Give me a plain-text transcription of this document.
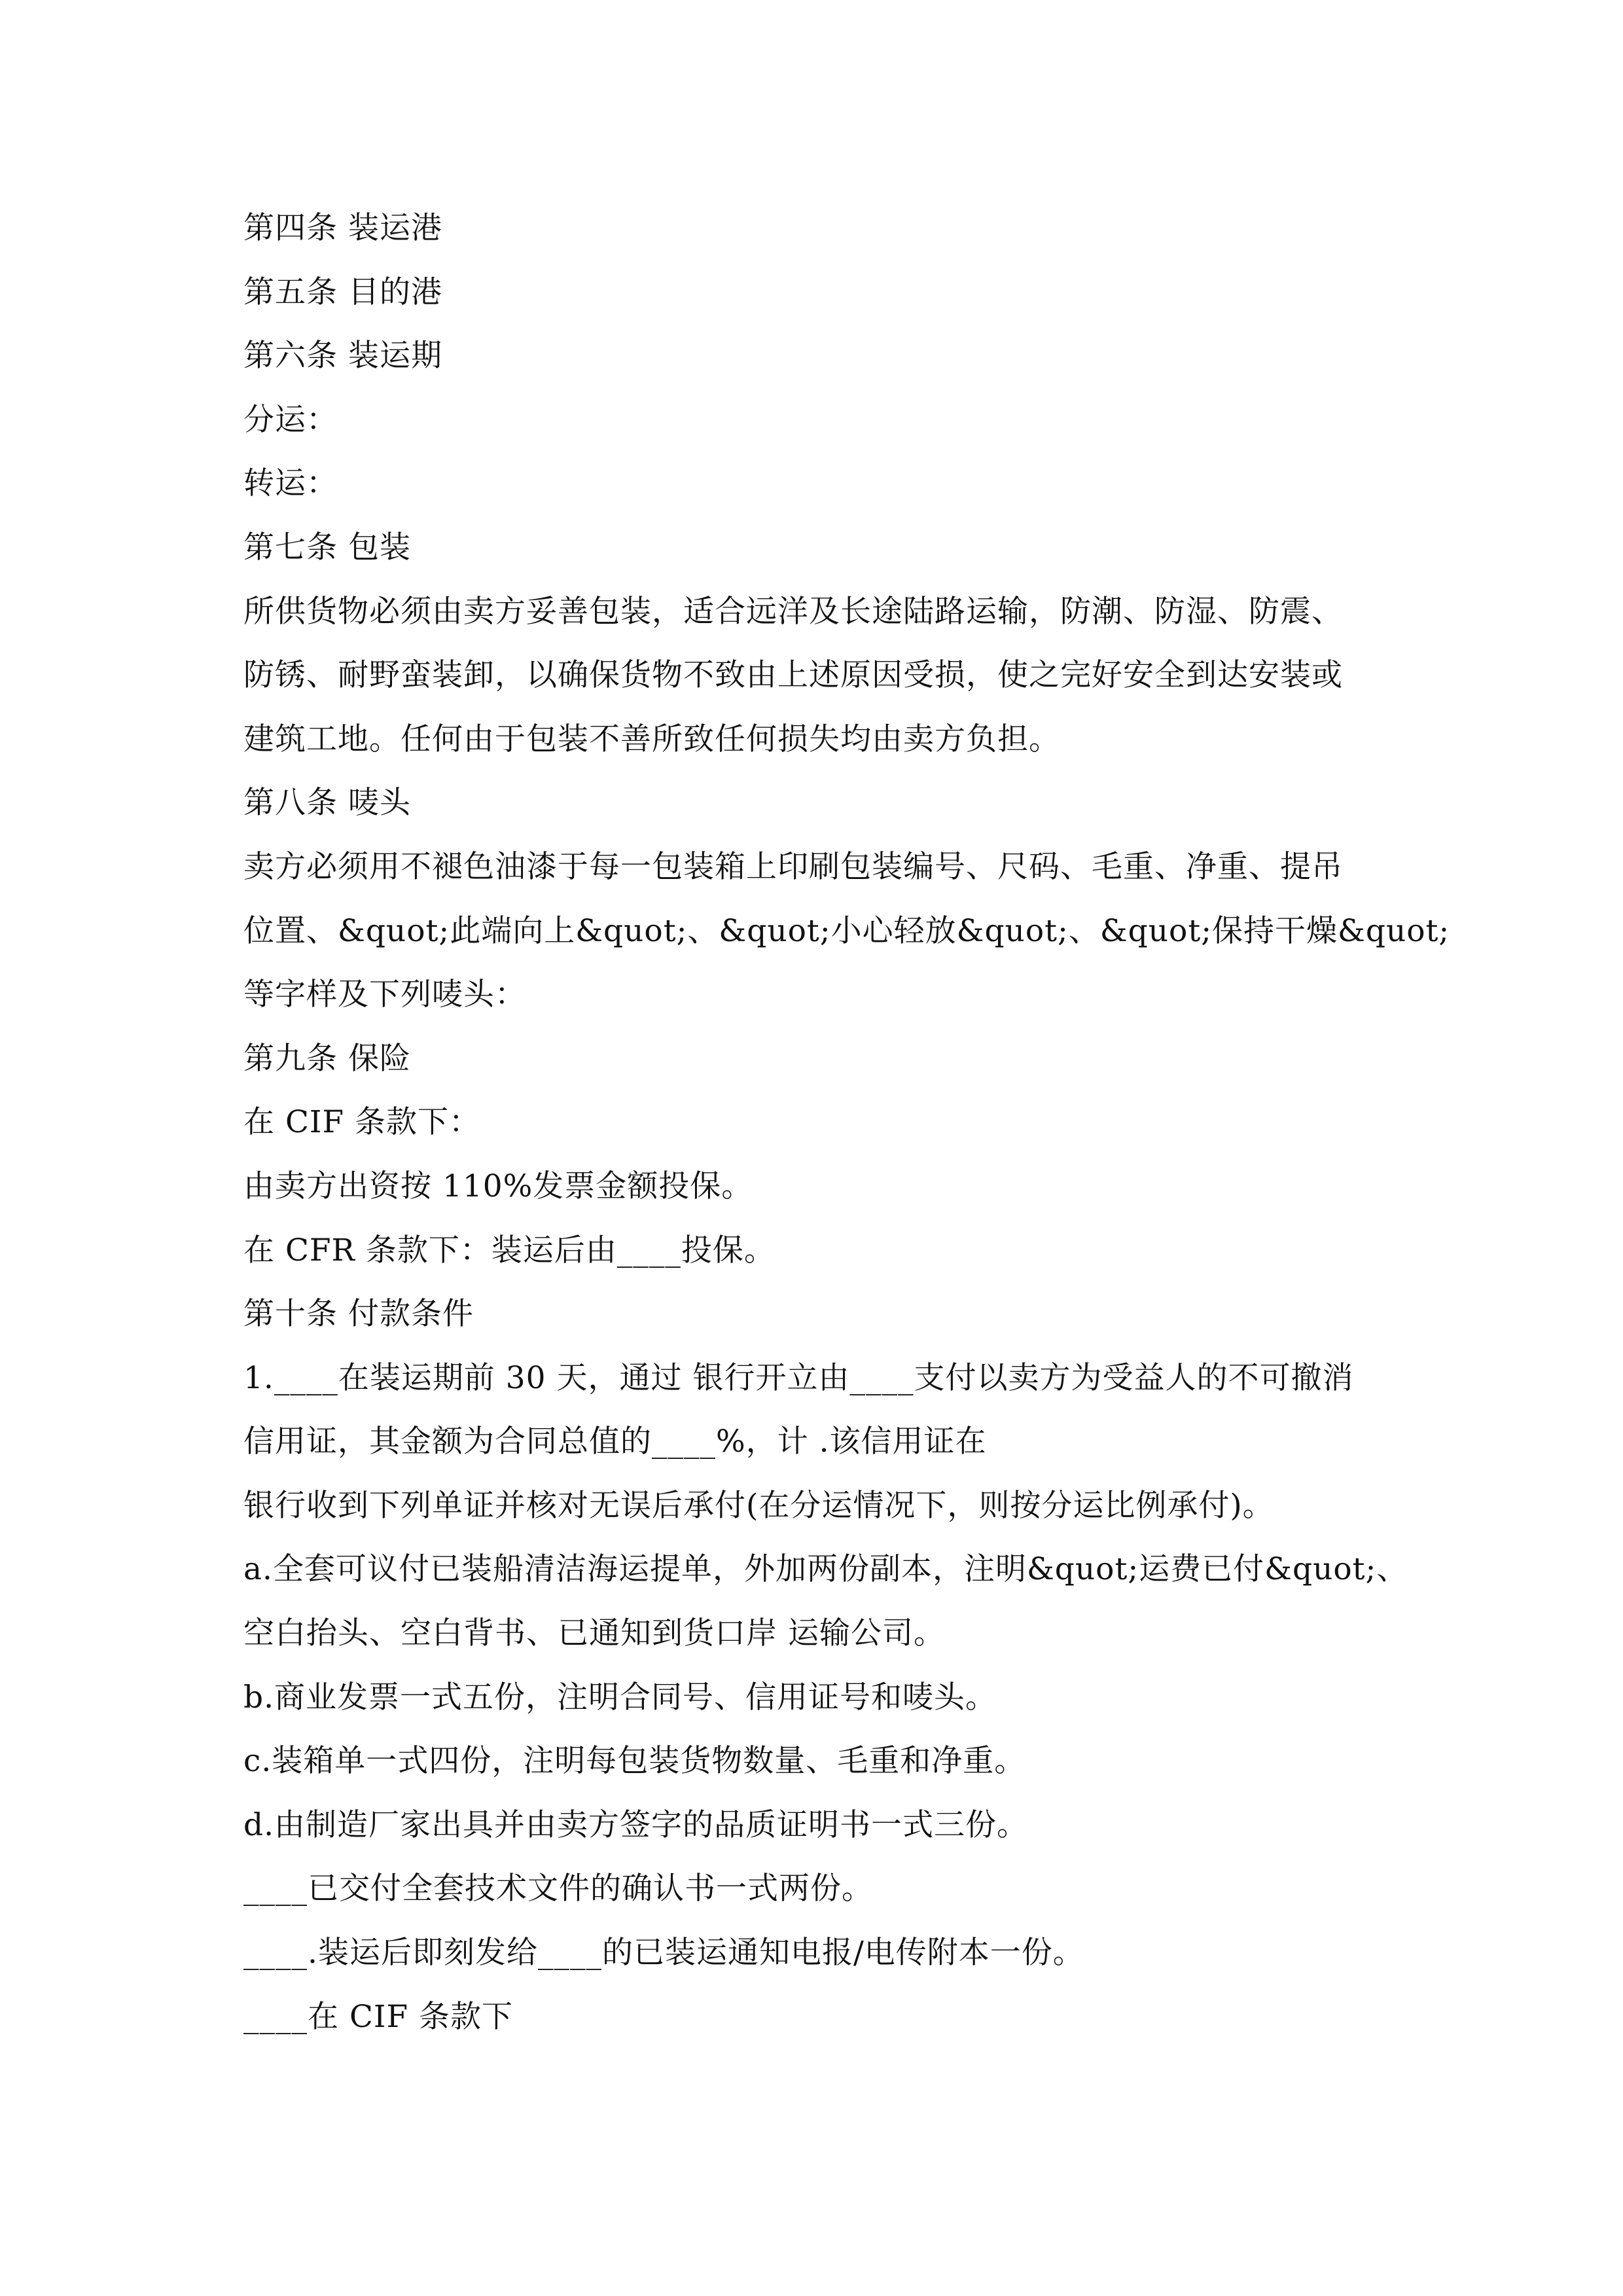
第四条 装运港
第五条 目的港
第六条 装运期
分运：
转运：
第七条 包装
所供货物必须由卖方妥善包装，适合远洋及长途陆路运输，防潮、防湿、防震、
防锈、耐野蛮装卸，以确保货物不致由上述原因受损，使之完好安全到达安装或
建筑工地。任何由于包装不善所致任何损失均由卖方负担。
第八条 唛头
卖方必须用不褪色油漆于每一包装箱上印刷包装编号、尺码、毛重、净重、提吊
位置、&quot;此端向上&quot;、&quot;小心轻放&quot;、&quot;保持干燥&quot;
等字样及下列唛头：
第九条 保险
在 CIF 条款下：
由卖方出资按 110%发票金额投保。
在 CFR 条款下：装运后由____投保。
第十条 付款条件
1.____在装运期前 30 天，通过 银行开立由____支付以卖方为受益人的不可撤消
信用证，其金额为合同总值的____%，计 .该信用证在
银行收到下列单证并核对无误后承付(在分运情况下，则按分运比例承付)。
a.全套可议付已装船清洁海运提单，外加两份副本，注明&quot;运费已付&quot;、
空白抬头、空白背书、已通知到货口岸 运输公司。
b.商业发票一式五份，注明合同号、信用证号和唛头。
c.装箱单一式四份，注明每包装货物数量、毛重和净重。
d.由制造厂家出具并由卖方签字的品质证明书一式三份。
____已交付全套技术文件的确认书一式两份。
____.装运后即刻发给____的已装运通知电报/电传附本一份。
____在 CIF 条款下
